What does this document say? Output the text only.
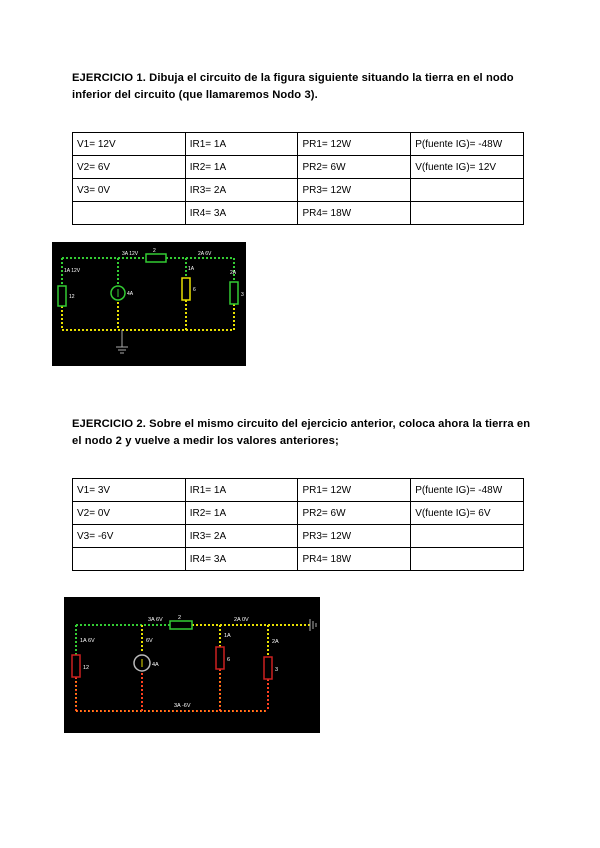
EJERCICIO 1. Dibuja el circuito de la figura siguiente situando la tierra en el nodo
inferior del circuito (que llamaremos Nodo 3).
V1= 12V	IR1= 1A	PR1= 12W	P(fuente IG)= -48W
V2= 6V	IR2= 1A	PR2= 6W	V(fuente IG)= 12V
V3= 0V	IR3= 2A	PR3= 12W	
	IR4= 3A	PR4= 18W	
3A 12V	2	2A 6V
1A 12V	1A
2A
12	4A
6
3
EJERCICIO 2. Sobre el mismo circuito del ejercicio anterior, coloca ahora la tierra en
el nodo 2 y vuelve a medir los valores anteriores;
V1= 3V	IR1= 1A	PR1= 12W	P(fuente IG)= -48W
V2= 0V	IR2= 1A	PR2= 6W	V(fuente IG)= 6V
V3= -6V	IR3= 2A	PR3= 12W	
	IR4= 3A	PR4= 18W	
3A 6V	2	2A 0V
1A 6V	6V
1A
2A
12	4A
6
3
3A -6V
